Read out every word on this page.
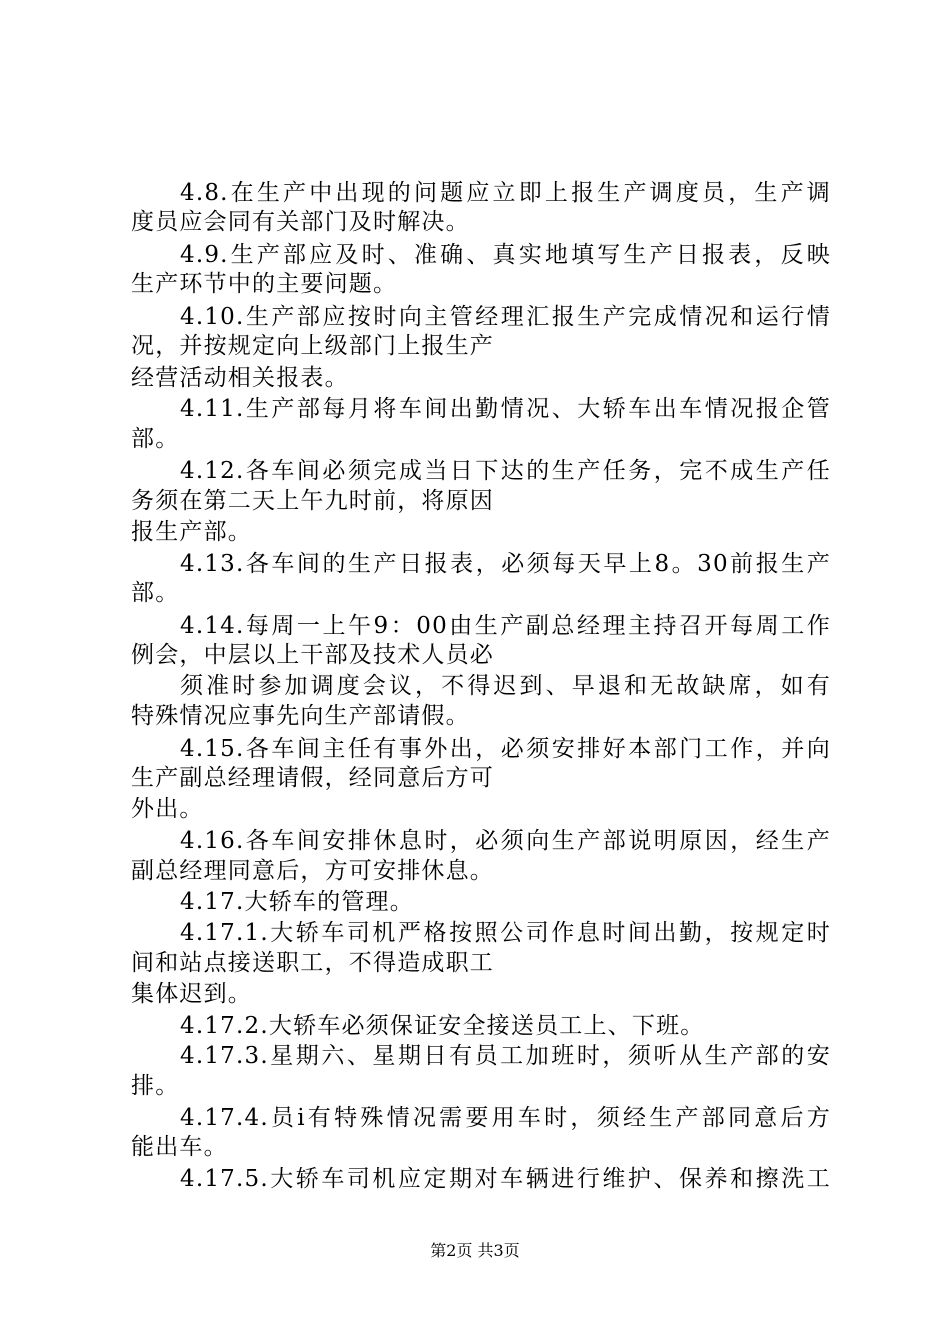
4.8.在生产中出现的问题应立即上报生产调度员，生产调
度员应会同有关部门及时解决。
4.9.生产部应及时、准确、真实地填写生产日报表，反映
生产环节中的主要问题。
4.10.生产部应按时向主管经理汇报生产完成情况和运行情
况，并按规定向上级部门上报生产
经营活动相关报表。
4.11.生产部每月将车间出勤情况、大轿车出车情况报企管
部。
4.12.各车间必须完成当日下达的生产任务，完不成生产任
务须在第二天上午九时前，将原因
报生产部。
4.13.各车间的生产日报表，必须每天早上8。30前报生产
部。
4.14.每周一上午9：00由生产副总经理主持召开每周工作
例会，中层以上干部及技术人员必
须准时参加调度会议，不得迟到、早退和无故缺席，如有
特殊情况应事先向生产部请假。
4.15.各车间主任有事外出，必须安排好本部门工作，并向
生产副总经理请假，经同意后方可
外出。
4.16.各车间安排休息时，必须向生产部说明原因，经生产
副总经理同意后，方可安排休息。
4.17.大轿车的管理。
4.17.1.大轿车司机严格按照公司作息时间出勤，按规定时
间和站点接送职工，不得造成职工
集体迟到。
4.17.2.大轿车必须保证安全接送员工上、下班。
4.17.3.星期六、星期日有员工加班时，须听从生产部的安
排。
4.17.4.员i有特殊情况需要用车时，须经生产部同意后方
能出车。
4.17.5.大轿车司机应定期对车辆进行维护、保养和擦洗工
第2页 共3页
